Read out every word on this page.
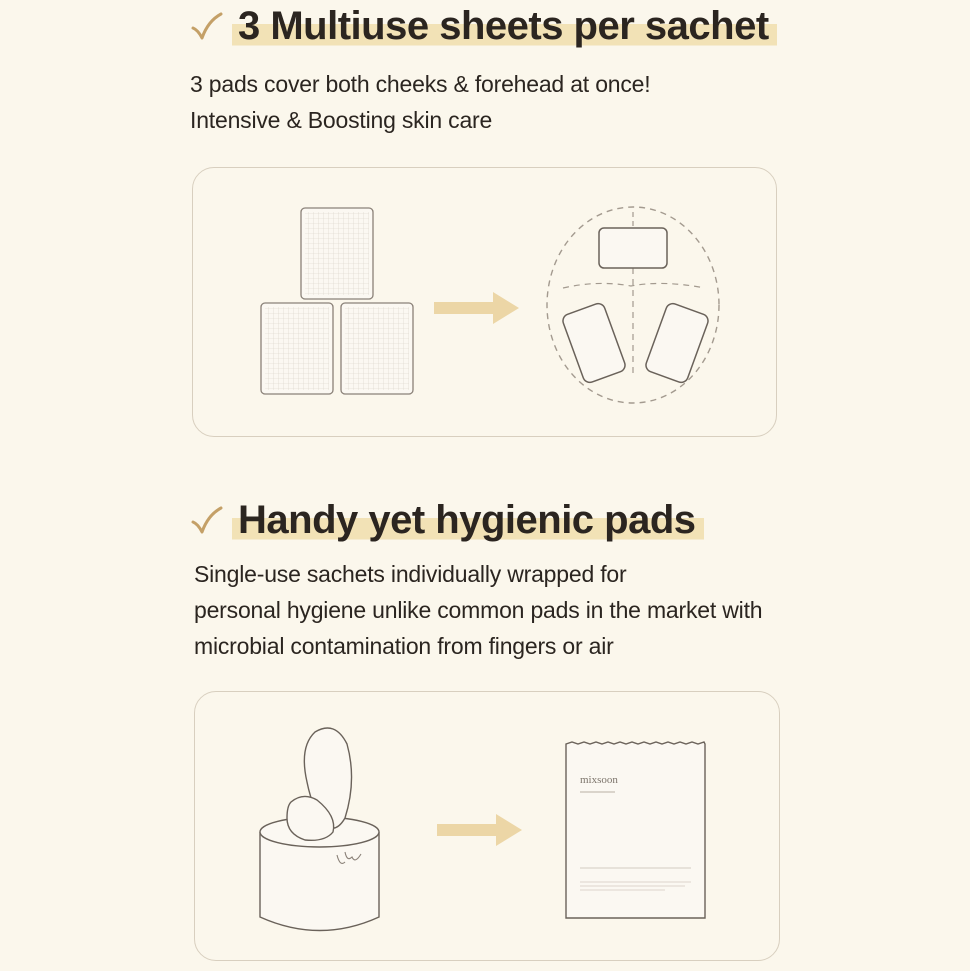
3 Multiuse sheets per sachet
3 pads cover both cheeks & forehead at once!
Intensive & Boosting skin care
Handy yet hygienic pads
Single-use sachets individually wrapped for
personal hygiene unlike common pads in the market with
microbial contamination from fingers or air
mixsoon
